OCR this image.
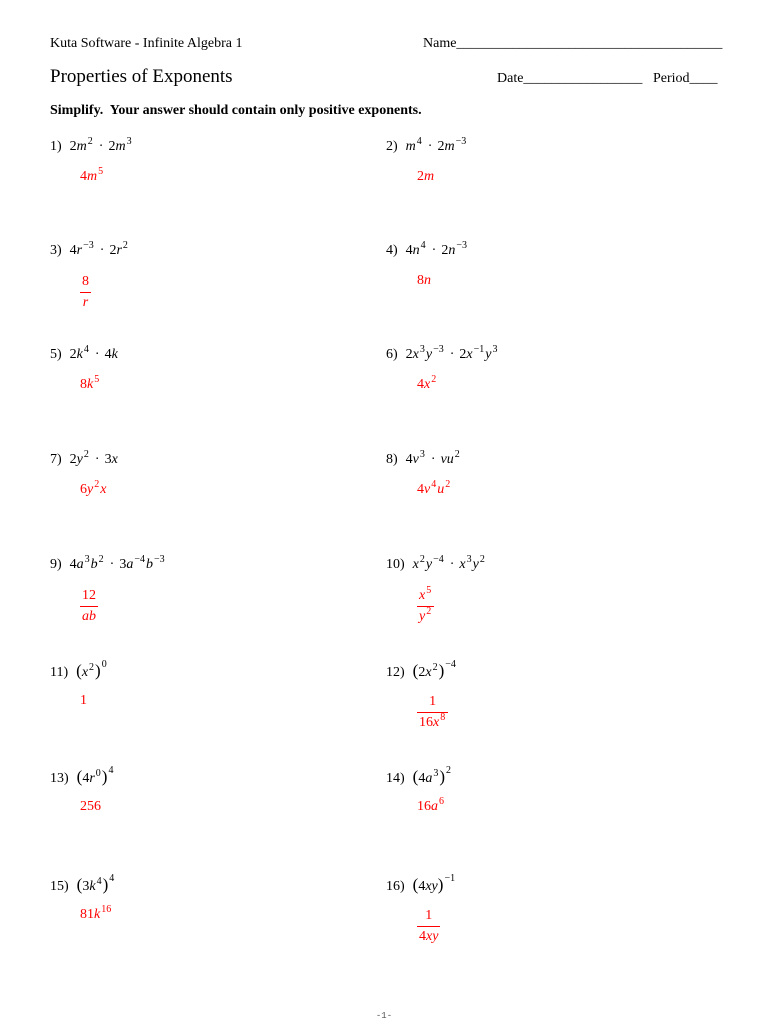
Kuta Software - Infinite Algebra 1	Name______________________________________
Properties of Exponents	Date_________________ Period____
Simplify.  Your answer should contain only positive exponents.
1) $2m^2 \cdot 2m^3$
$4m^5$
2) $m^4 \cdot 2m^{-3}$
2m
3) $4r^{-3} \cdot 2r^2$
$\frac{8}{r}$
4) $4n^4 \cdot 2n^{-3}$
8n
5) $2k^4 \cdot 4k$
$8k^5$
6) $2x^3y^{-3} \cdot 2x^{-1}y^3$
$4x^2$
7) $2y^2 \cdot 3x$
$6y^2x$
8) $4v^3 \cdot vu^2$
$4v^4u^2$
9) $4a^3b^2 \cdot 3a^{-4}b^{-3}$
$\frac{12}{ab}$
10) $x^2y^{-4} \cdot x^3y^2$
$\frac{x^5}{y^2}$
11) $(x^2)^0$
1
12) $(2x^2)^{-4}$
$\frac{1}{16x^8}$
13) $(4r^0)^4$
256
14) $(4a^3)^2$
$16a^6$
15) $(3k^4)^4$
$81k^{16}$
16) $(4xy)^{-1}$
$\frac{1}{4xy}$
-1-
